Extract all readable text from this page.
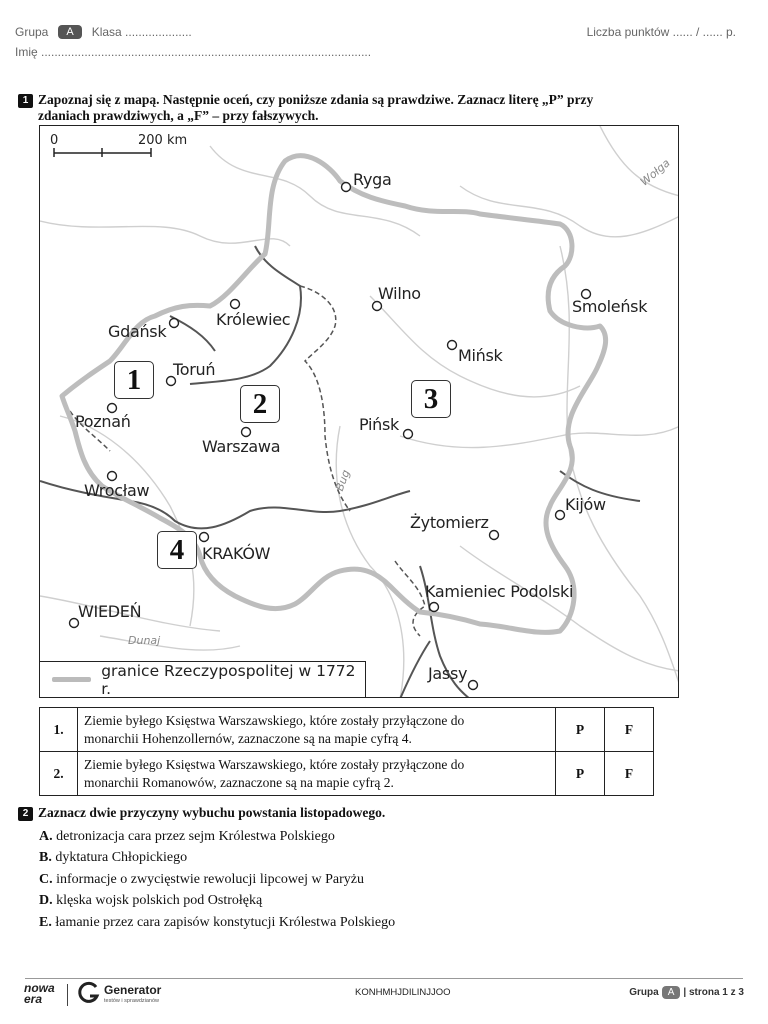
Grupa	A	Klasa ....................
Imię ...................................................................................................
Liczba punktów ...... / ...... p.
1 Zapoznaj się z mapą. Następnie oceń, czy poniższe zdania są prawdziwe. Zaznacz literę „P” przy
zdaniach prawdziwych, a „F” – przy fałszywych.
0	200 km
Ryga
Wilno
Smoleńsk
Gdańsk
Królewiec
Mińsk
Toruń
Poznań
Warszawa
Pińsk
Wrocław
Kijów
Żytomierz
KRAKÓW
Kamieniec Podolski
WIEDEŃ
Jassy
Wołga
Bug
Dunaj
1
2	3
4
granice Rzeczypospolitej w 1772 r.
1.	Ziemie byłego Księstwa Warszawskiego, które zostały przyłączone do
monarchii Hohenzollernów, zaznaczone są na mapie cyfrą 4.	P	F
2.	Ziemie byłego Księstwa Warszawskiego, które zostały przyłączone do
monarchii Romanowów, zaznaczone są na mapie cyfrą 2.	P	F
2 Zaznacz dwie przyczyny wybuchu powstania listopadowego.
A. detronizacja cara przez sejm Królestwa Polskiego
B. dyktatura Chłopickiego
C. informacje o zwycięstwie rewolucji lipcowej w Paryżu
D. klęska wojsk polskich pod Ostrołęką
E. łamanie przez cara zapisów konstytucji Królestwa Polskiego
nowa
era
Generator
testów i sprawdzianów
KONHMHJDILINJJOO	Grupa A | strona 1 z 3
